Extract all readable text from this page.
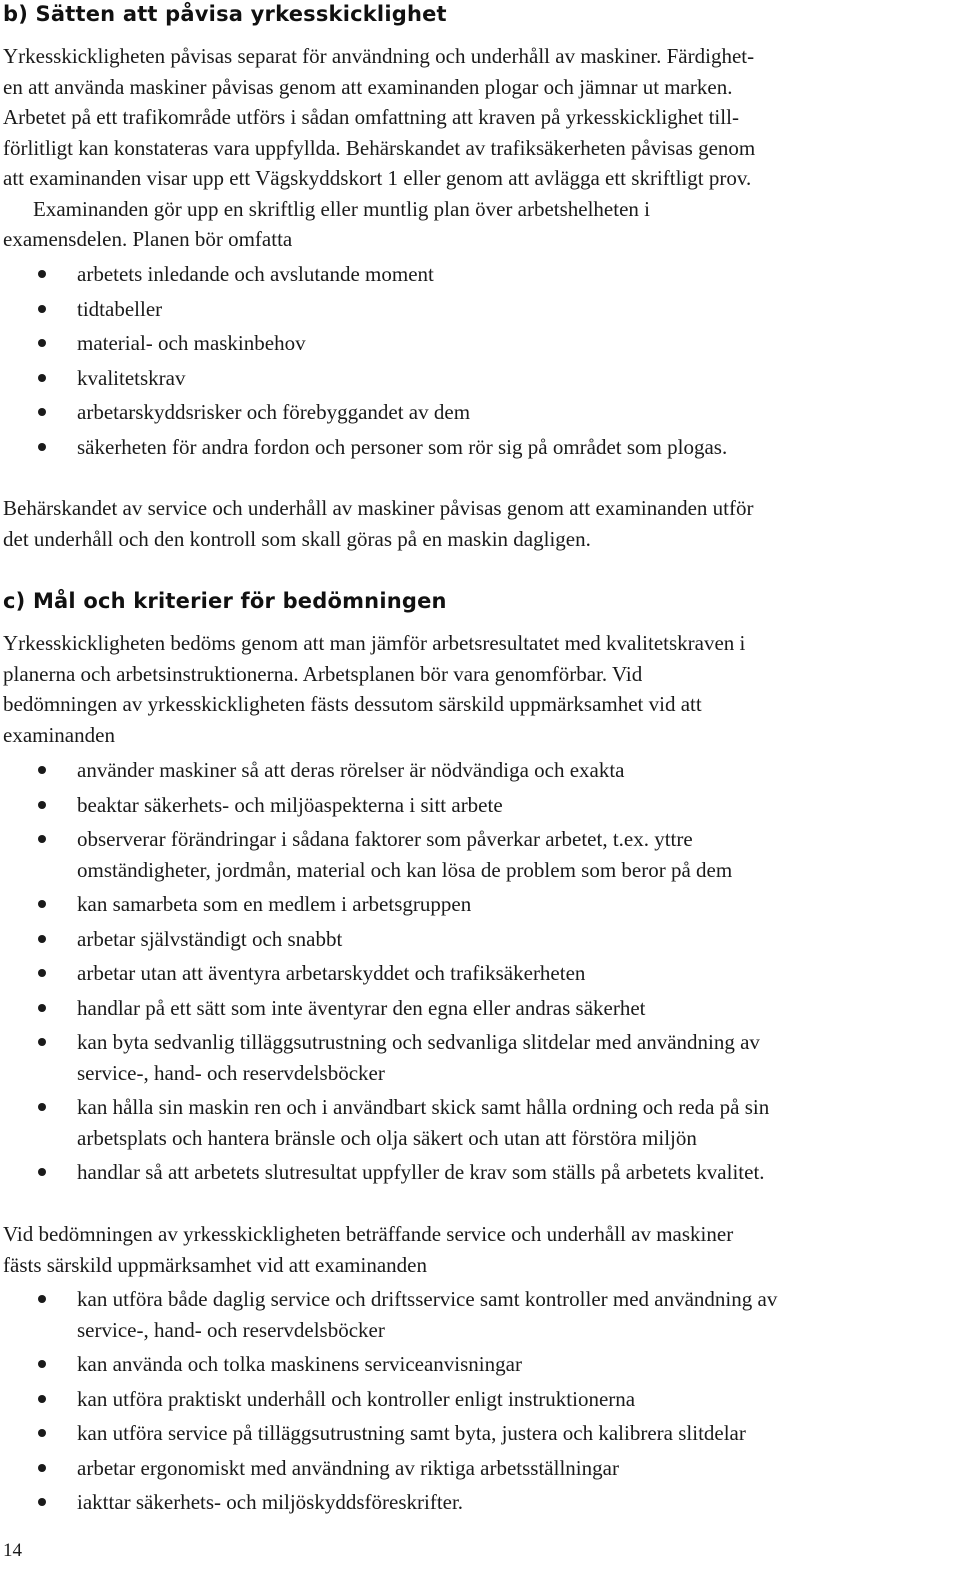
b) Sätten att påvisa yrkesskicklighet

Yrkesskickligheten påvisas separat för användning och underhåll av maskiner. Färdighet-

en att använda maskiner påvisas genom att examinanden plogar och jämnar ut marken.

Arbetet på ett trafikområde utförs i sådan omfattning att kraven på yrkesskicklighet till-

förlitligt kan konstateras vara uppfyllda. Behärskandet av trafiksäkerheten påvisas genom

att examinanden visar upp ett Vägskyddskort 1 eller genom att avlägga ett skriftligt prov.

Examinanden gör upp en skriftlig eller muntlig plan över arbetshelheten i

examensdelen. Planen bör omfatta

arbetets inledande och avslutande moment
tidtabeller
material- och maskinbehov
kvalitetskrav
arbetarskyddsrisker och förebyggandet av dem
säkerheten för andra fordon och personer som rör sig på området som plogas.

Behärskandet av service och underhåll av maskiner påvisas genom att examinanden utför

det underhåll och den kontroll som skall göras på en maskin dagligen.

c) Mål och kriterier för bedömningen

Yrkesskickligheten bedöms genom att man jämför arbetsresultatet med kvalitetskraven i

planerna och arbetsinstruktionerna. Arbetsplanen bör vara genomförbar. Vid

bedömningen av yrkesskickligheten fästs dessutom särskild uppmärksamhet vid att

examinanden

använder maskiner så att deras rörelser är nödvändiga och exakta
beaktar säkerhets- och miljöaspekterna i sitt arbete
observerar förändringar i sådana faktorer som påverkar arbetet, t.ex. yttre
omständigheter, jordmån, material och kan lösa de problem som beror på dem
kan samarbeta som en medlem i arbetsgruppen
arbetar självständigt och snabbt
arbetar utan att äventyra arbetarskyddet och trafiksäkerheten
handlar på ett sätt som inte äventyrar den egna eller andras säkerhet
kan byta sedvanlig tilläggsutrustning och sedvanliga slitdelar med användning av
service-, hand- och reservdelsböcker
kan hålla sin maskin ren och i användbart skick samt hålla ordning och reda på sin
arbetsplats och hantera bränsle och olja säkert och utan att förstöra miljön
handlar så att arbetets slutresultat uppfyller de krav som ställs på arbetets kvalitet.

Vid bedömningen av yrkesskickligheten beträffande service och underhåll av maskiner

fästs särskild uppmärksamhet vid att examinanden

kan utföra både daglig service och driftsservice samt kontroller med användning av
service-, hand- och reservdelsböcker
kan använda och tolka maskinens serviceanvisningar
kan utföra praktiskt underhåll och kontroller enligt instruktionerna
kan utföra service på tilläggsutrustning samt byta, justera och kalibrera slitdelar
arbetar ergonomiskt med användning av riktiga arbetsställningar
iakttar säkerhets- och miljöskyddsföreskrifter.
14
